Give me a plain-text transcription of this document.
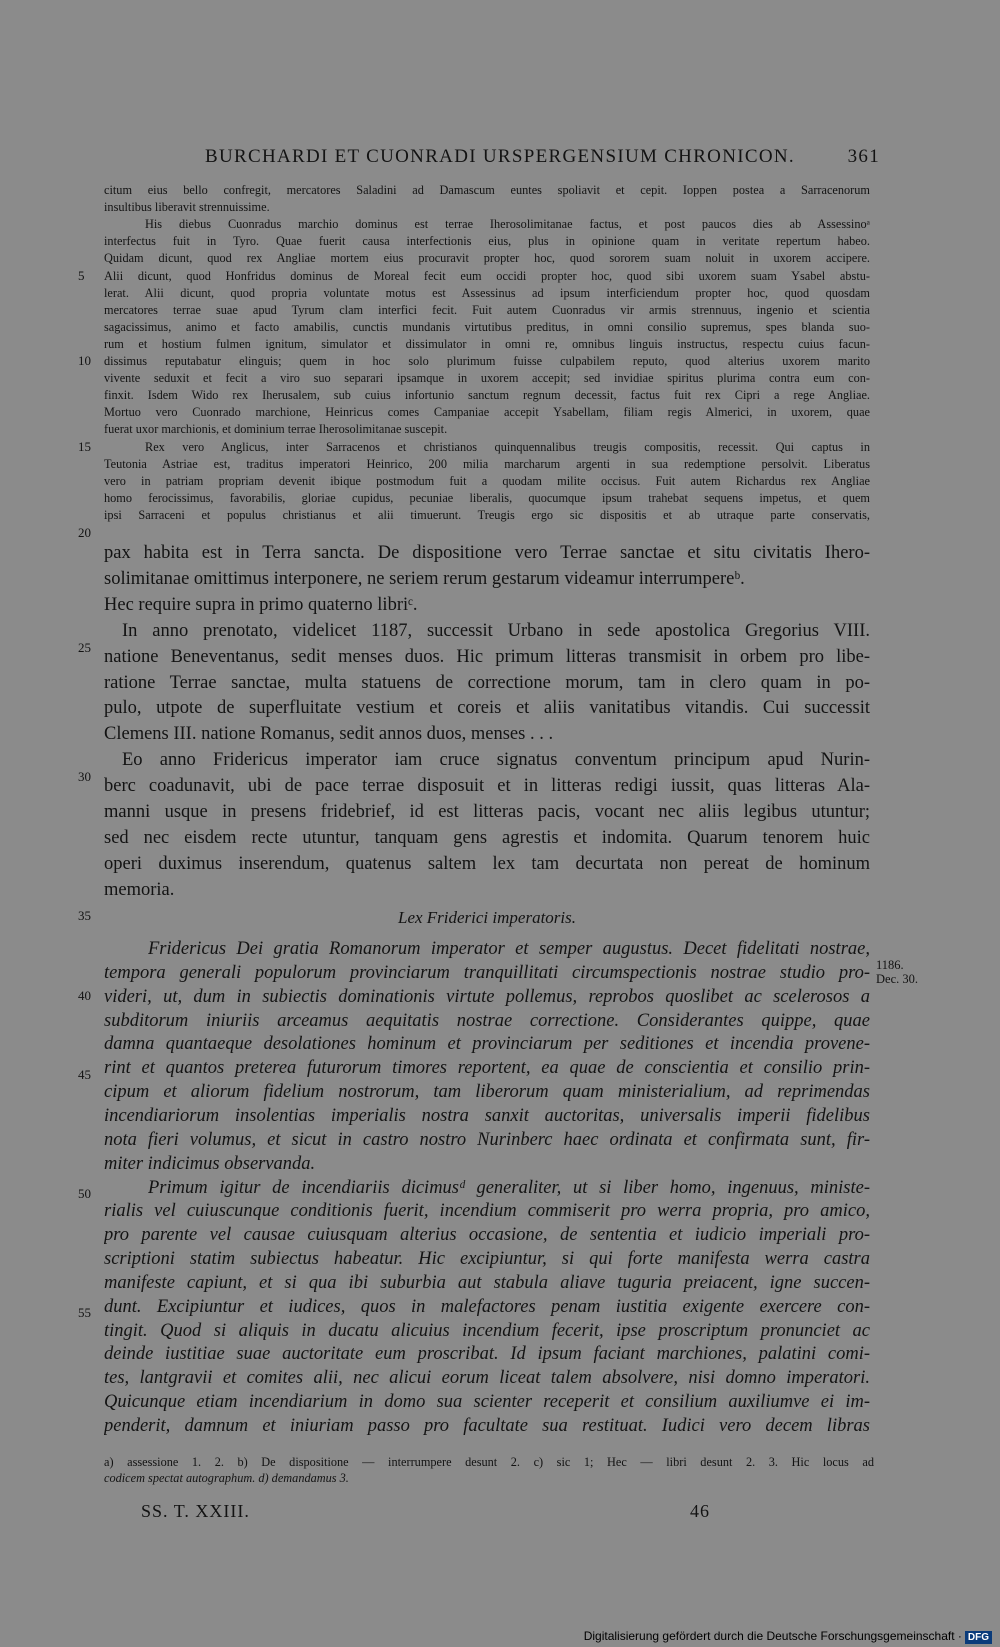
BURCHARDI ET CUONRADI URSPERGENSIUM CHRONICON.	361
citum eius bello confregit, mercatores Saladini ad Damascum euntes spoliavit et cepit. Ioppen postea a Sarracenorum
insultibus liberavit strennuissime.
His diebus Cuonradus marchio dominus est terrae Iherosolimitanae factus, et post paucos dies ab Assessinoᵃ
interfectus fuit in Tyro. Quae fuerit causa interfectionis eius, plus in opinione quam in veritate repertum habeo.
Quidam dicunt, quod rex Angliae mortem eius procuravit propter hoc, quod sororem suam noluit in uxorem accipere.
Alii dicunt, quod Honfridus dominus de Moreal fecit eum occidi propter hoc, quod sibi uxorem suam Ysabel abstu-
lerat. Alii dicunt, quod propria voluntate motus est Assessinus ad ipsum interficiendum propter hoc, quod quosdam
mercatores terrae suae apud Tyrum clam interfici fecit. Fuit autem Cuonradus vir armis strennuus, ingenio et scientia
sagacissimus, animo et facto amabilis, cunctis mundanis virtutibus preditus, in omni consilio supremus, spes blanda suo-
rum et hostium fulmen ignitum, simulator et dissimulator in omni re, omnibus linguis instructus, respectu cuius facun-
dissimus reputabatur elinguis; quem in hoc solo plurimum fuisse culpabilem reputo, quod alterius uxorem marito
vivente seduxit et fecit a viro suo separari ipsamque in uxorem accepit; sed invidiae spiritus plurima contra eum con-
finxit. Isdem Wido rex Iherusalem, sub cuius infortunio sanctum regnum decessit, factus fuit rex Cipri a rege Angliae.
Mortuo vero Cuonrado marchione, Heinricus comes Campaniae accepit Ysabellam, filiam regis Almerici, in uxorem, quae
fuerat uxor marchionis, et dominium terrae Iherosolimitanae suscepit.
Rex vero Anglicus, inter Sarracenos et christianos quinquennalibus treugis compositis, recessit. Qui captus in
Teutonia Astriae est, traditus imperatori Heinrico, 200 milia marcharum argenti in sua redemptione persolvit. Liberatus
vero in patriam propriam devenit ibique postmodum fuit a quodam milite occisus. Fuit autem Richardus rex Angliae
homo ferocissimus, favorabilis, gloriae cupidus, pecuniae liberalis, quocumque ipsum trahebat sequens impetus, et quem
ipsi Sarraceni et populus christianus et alii timuerunt. Treugis ergo sic dispositis et ab utraque parte conservatis,
pax habita est in Terra sancta. De dispositione vero Terrae sanctae et situ civitatis Ihero-
solimitanae omittimus interponere, ne seriem rerum gestarum videamur interrumpereᵇ.
Hec require supra in primo quaterno libriᶜ.
In anno prenotato, videlicet 1187, successit Urbano in sede apostolica Gregorius VIII.
natione Beneventanus, sedit menses duos. Hic primum litteras transmisit in orbem pro libe-
ratione Terrae sanctae, multa statuens de correctione morum, tam in clero quam in po-
pulo, utpote de superfluitate vestium et coreis et aliis vanitatibus vitandis. Cui successit
Clemens III. natione Romanus, sedit annos duos, menses . . .
Eo anno Fridericus imperator iam cruce signatus conventum principum apud Nurin-
berc coadunavit, ubi de pace terrae disposuit et in litteras redigi iussit, quas litteras Ala-
manni usque in presens fridebrief, id est litteras pacis, vocant nec aliis legibus utuntur;
sed nec eisdem recte utuntur, tanquam gens agrestis et indomita. Quarum tenorem huic
operi duximus inserendum, quatenus saltem lex tam decurtata non pereat de hominum
memoria.
Lex Friderici imperatoris.
1186.
Dec. 30.
Fridericus Dei gratia Romanorum imperator et semper augustus. Decet fidelitati nostrae,
tempora generali populorum provinciarum tranquillitati circumspectionis nostrae studio pro-
videri, ut, dum in subiectis dominationis virtute pollemus, reprobos quoslibet ac scelerosos a
subditorum iniuriis arceamus aequitatis nostrae correctione. Considerantes quippe, quae
damna quantaeque desolationes hominum et provinciarum per seditiones et incendia provene-
rint et quantos preterea futurorum timores reportent, ea quae de conscientia et consilio prin-
cipum et aliorum fidelium nostrorum, tam liberorum quam ministerialium, ad reprimendas
incendiariorum insolentias imperialis nostra sanxit auctoritas, universalis imperii fidelibus
nota fieri volumus, et sicut in castro nostro Nurinberc haec ordinata et confirmata sunt, fir-
miter indicimus observanda.
Primum igitur de incendiariis dicimusᵈ generaliter, ut si liber homo, ingenuus, ministe-
rialis vel cuiuscunque conditionis fuerit, incendium commiserit pro werra propria, pro amico,
pro parente vel causae cuiusquam alterius occasione, de sententia et iudicio imperiali pro-
scriptioni statim subiectus habeatur. Hic excipiuntur, si qui forte manifesta werra castra
manifeste capiunt, et si qua ibi suburbia aut stabula aliave tuguria preiacent, igne succen-
dunt. Excipiuntur et iudices, quos in malefactores penam iustitia exigente exercere con-
tingit. Quod si aliquis in ducatu alicuius incendium fecerit, ipse proscriptum pronunciet ac
deinde iustitiae suae auctoritate eum proscribat. Id ipsum faciant marchiones, palatini comi-
tes, lantgravii et comites alii, nec alicui eorum liceat talem absolvere, nisi domno imperatori.
Quicunque etiam incendiarium in domo sua scienter receperit et consilium auxiliumve ei im-
penderit, damnum et iniuriam passo pro facultate sua restituat. Iudici vero decem libras
5
10
15
20
25
30
35
40
45
50
55
a) assessione 1. 2. b) De dispositione — interrumpere desunt 2. c) sic 1; Hec — libri desunt 2. 3. Hic locus ad
codicem spectat autographum. d) demandamus 3.
SS. T. XXIII.	46
Digitalisierung gefördert durch die Deutsche Forschungsgemeinschaft · DFG
